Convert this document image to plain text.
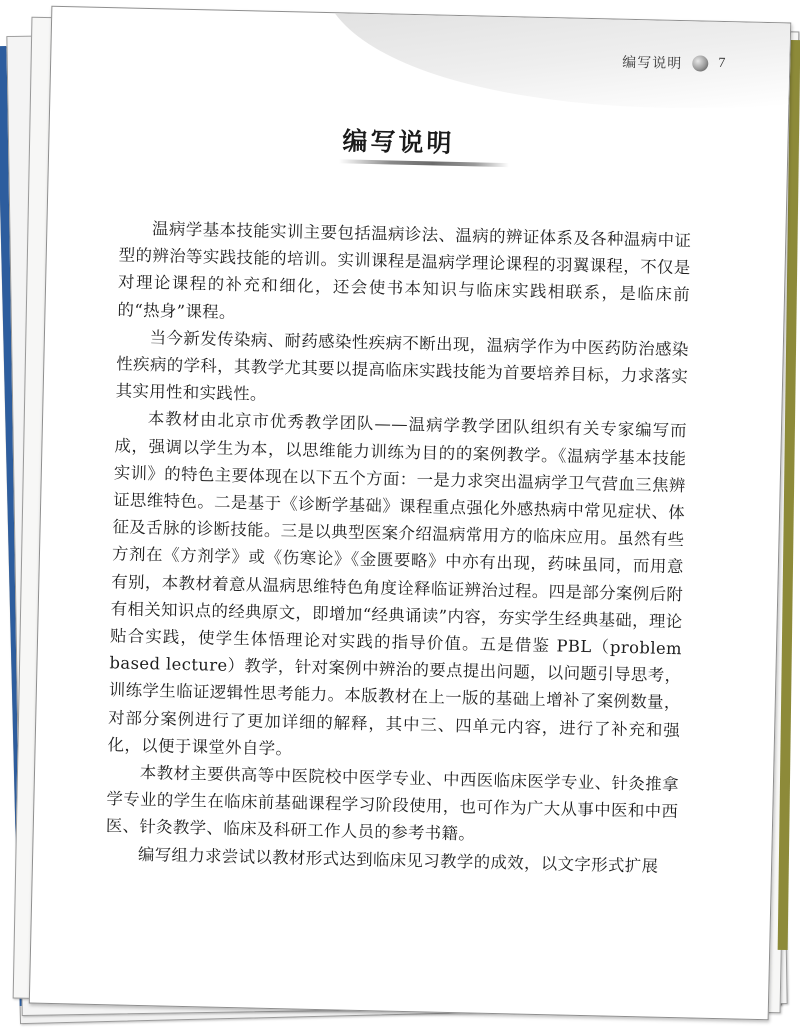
编写说明	7
编写说明

温病学基本技能实训主要包括温病诊法、温病的辨证体系及各种温病中证型的辨治等实践技能的培训。实训课程是温病学理论课程的羽翼课程，不仅是对理论课程的补充和细化，还会使书本知识与临床实践相联系，是临床前的“热身”课程。

当今新发传染病、耐药感染性疾病不断出现，温病学作为中医药防治感染性疾病的学科，其教学尤其要以提高临床实践技能为首要培养目标，力求落实其实用性和实践性。

本教材由北京市优秀教学团队——温病学教学团队组织有关专家编写而成，强调以学生为本，以思维能力训练为目的的案例教学。《温病学基本技能实训》的特色主要体现在以下五个方面：一是力求突出温病学卫气营血三焦辨证思维特色。二是基于《诊断学基础》课程重点强化外感热病中常见症状、体征及舌脉的诊断技能。三是以典型医案介绍温病常用方的临床应用。虽然有些方剂在《方剂学》或《伤寒论》《金匮要略》中亦有出现，药味虽同，而用意有别，本教材着意从温病思维特色角度诠释临证辨治过程。四是部分案例后附有相关知识点的经典原文，即增加“经典诵读”内容，夯实学生经典基础，理论贴合实践，使学生体悟理论对实践的指导价值。五是借鉴 PBL（problem based lecture）教学，针对案例中辨治的要点提出问题，以问题引导思考，训练学生临证逻辑性思考能力。本版教材在上一版的基础上增补了案例数量，对部分案例进行了更加详细的解释，其中三、四单元内容，进行了补充和强化，以便于课堂外自学。

本教材主要供高等中医院校中医学专业、中西医临床医学专业、针灸推拿学专业的学生在临床前基础课程学习阶段使用，也可作为广大从事中医和中西医、针灸教学、临床及科研工作人员的参考书籍。

编写组力求尝试以教材形式达到临床见习教学的成效，以文字形式扩展
